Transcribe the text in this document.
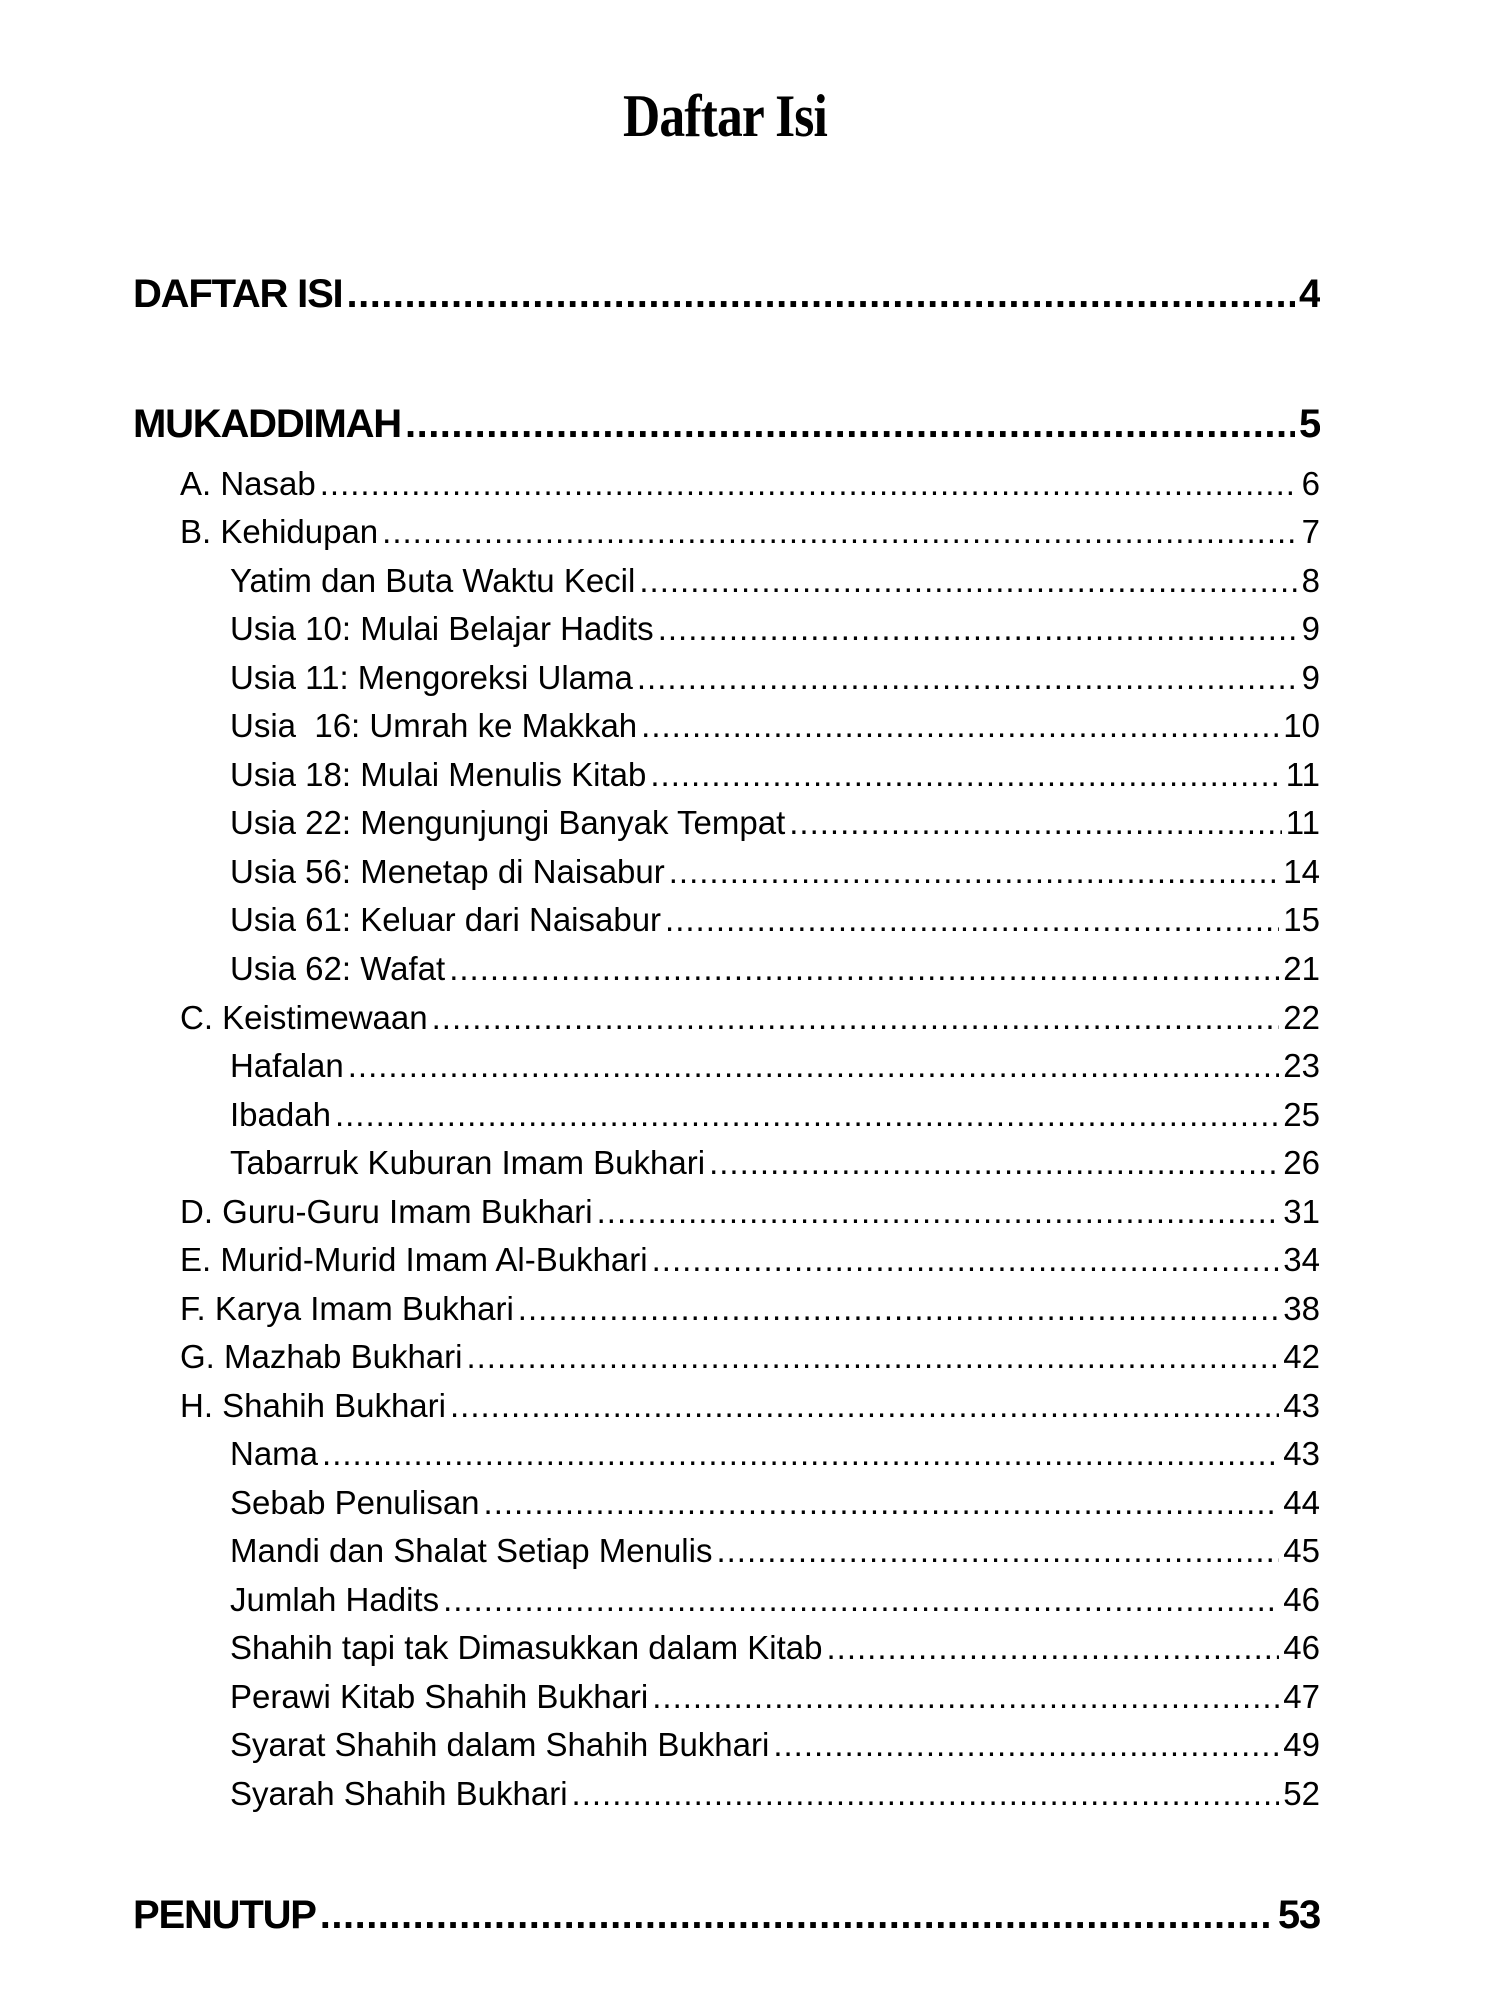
Daftar Isi
DAFTAR ISI .....	4
MUKADDIMAH .....	5
A. Nasab .....	6
B. Kehidupan .....	7
Yatim dan Buta Waktu Kecil .....	8
Usia 10: Mulai Belajar Hadits .....	9
Usia 11: Mengoreksi Ulama .....	9
Usia  16: Umrah ke Makkah .....	10
Usia 18: Mulai Menulis Kitab .....	11
Usia 22: Mengunjungi Banyak Tempat .....	11
Usia 56: Menetap di Naisabur .....	14
Usia 61: Keluar dari Naisabur .....	15
Usia 62: Wafat .....	21
C. Keistimewaan .....	22
Hafalan .....	23
Ibadah .....	25
Tabarruk Kuburan Imam Bukhari .....	26
D. Guru-Guru Imam Bukhari .....	31
E. Murid-Murid Imam Al-Bukhari .....	34
F. Karya Imam Bukhari .....	38
G. Mazhab Bukhari .....	42
H. Shahih Bukhari .....	43
Nama .....	43
Sebab Penulisan .....	44
Mandi dan Shalat Setiap Menulis .....	45
Jumlah Hadits .....	46
Shahih tapi tak Dimasukkan dalam Kitab .....	46
Perawi Kitab Shahih Bukhari .....	47
Syarat Shahih dalam Shahih Bukhari .....	49
Syarah Shahih Bukhari .....	52
PENUTUP .....	53
